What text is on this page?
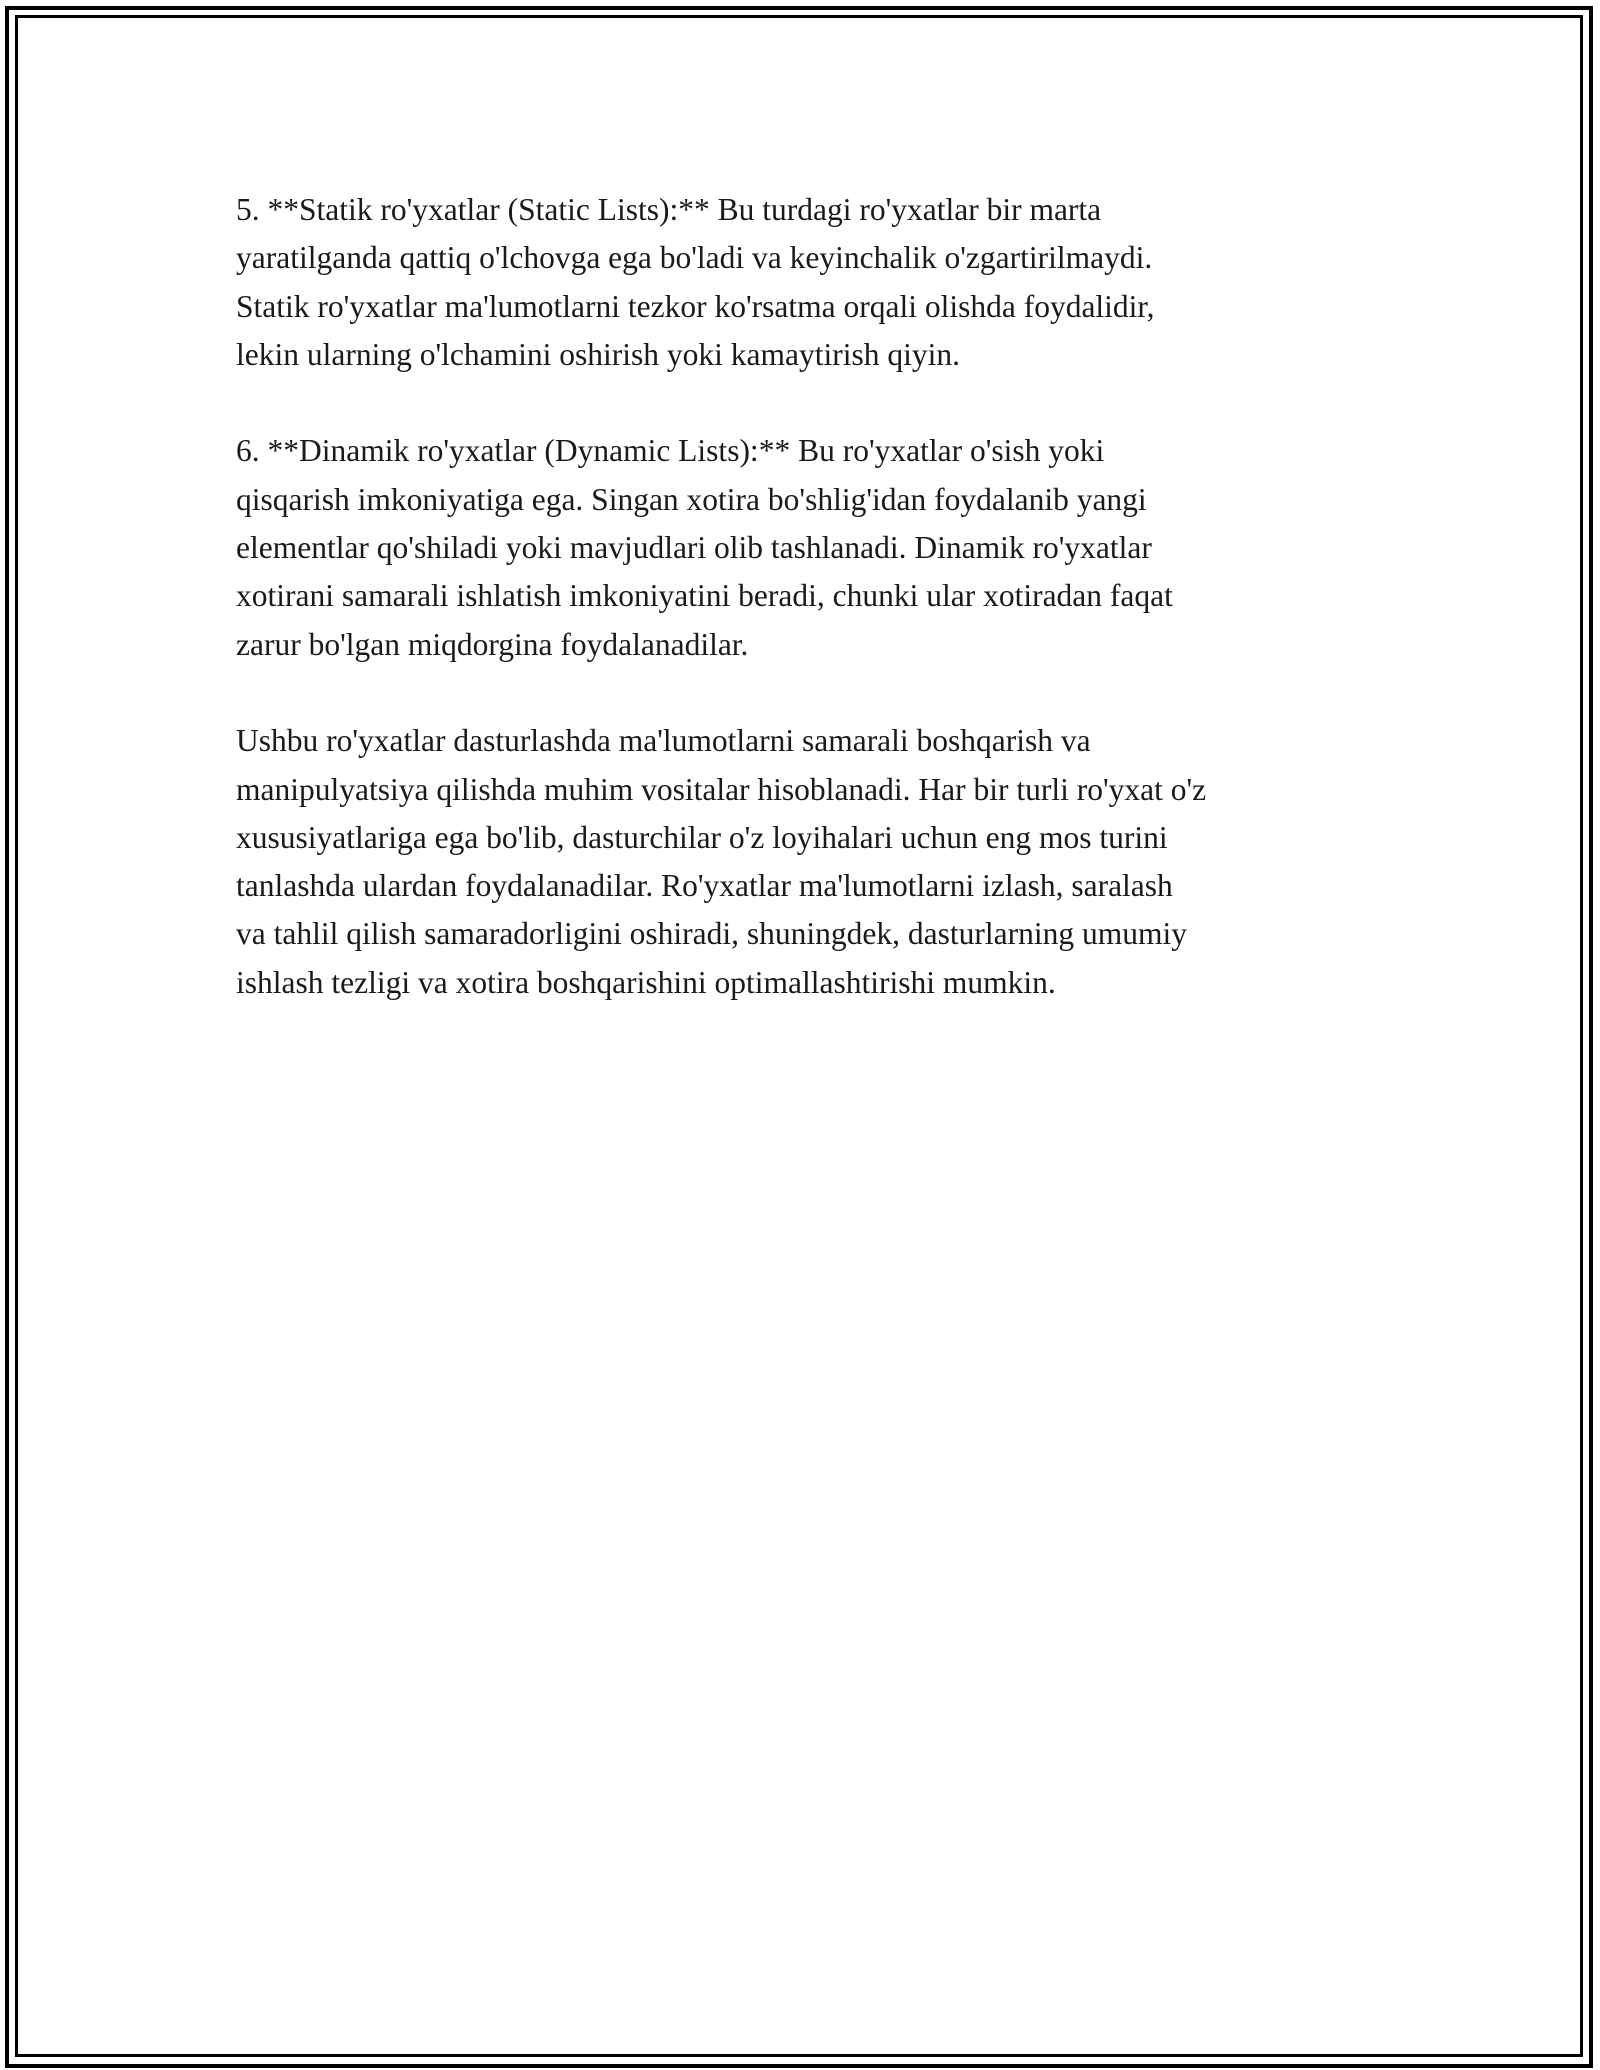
5. **Statik ro'yxatlar (Static Lists):** Bu turdagi ro'yxatlar bir marta
yaratilganda qattiq o'lchovga ega bo'ladi va keyinchalik o'zgartirilmaydi.
Statik ro'yxatlar ma'lumotlarni tezkor ko'rsatma orqali olishda foydalidir,
lekin ularning o'lchamini oshirish yoki kamaytirish qiyin.

6. **Dinamik ro'yxatlar (Dynamic Lists):** Bu ro'yxatlar o'sish yoki
qisqarish imkoniyatiga ega. Singan xotira bo'shlig'idan foydalanib yangi
elementlar qo'shiladi yoki mavjudlari olib tashlanadi. Dinamik ro'yxatlar
xotirani samarali ishlatish imkoniyatini beradi, chunki ular xotiradan faqat
zarur bo'lgan miqdorgina foydalanadilar.

Ushbu ro'yxatlar dasturlashda ma'lumotlarni samarali boshqarish va
manipulyatsiya qilishda muhim vositalar hisoblanadi. Har bir turli ro'yxat o'z
xususiyatlariga ega bo'lib, dasturchilar o'z loyihalari uchun eng mos turini
tanlashda ulardan foydalanadilar. Ro'yxatlar ma'lumotlarni izlash, saralash
va tahlil qilish samaradorligini oshiradi, shuningdek, dasturlarning umumiy
ishlash tezligi va xotira boshqarishini optimallashtirishi mumkin.
